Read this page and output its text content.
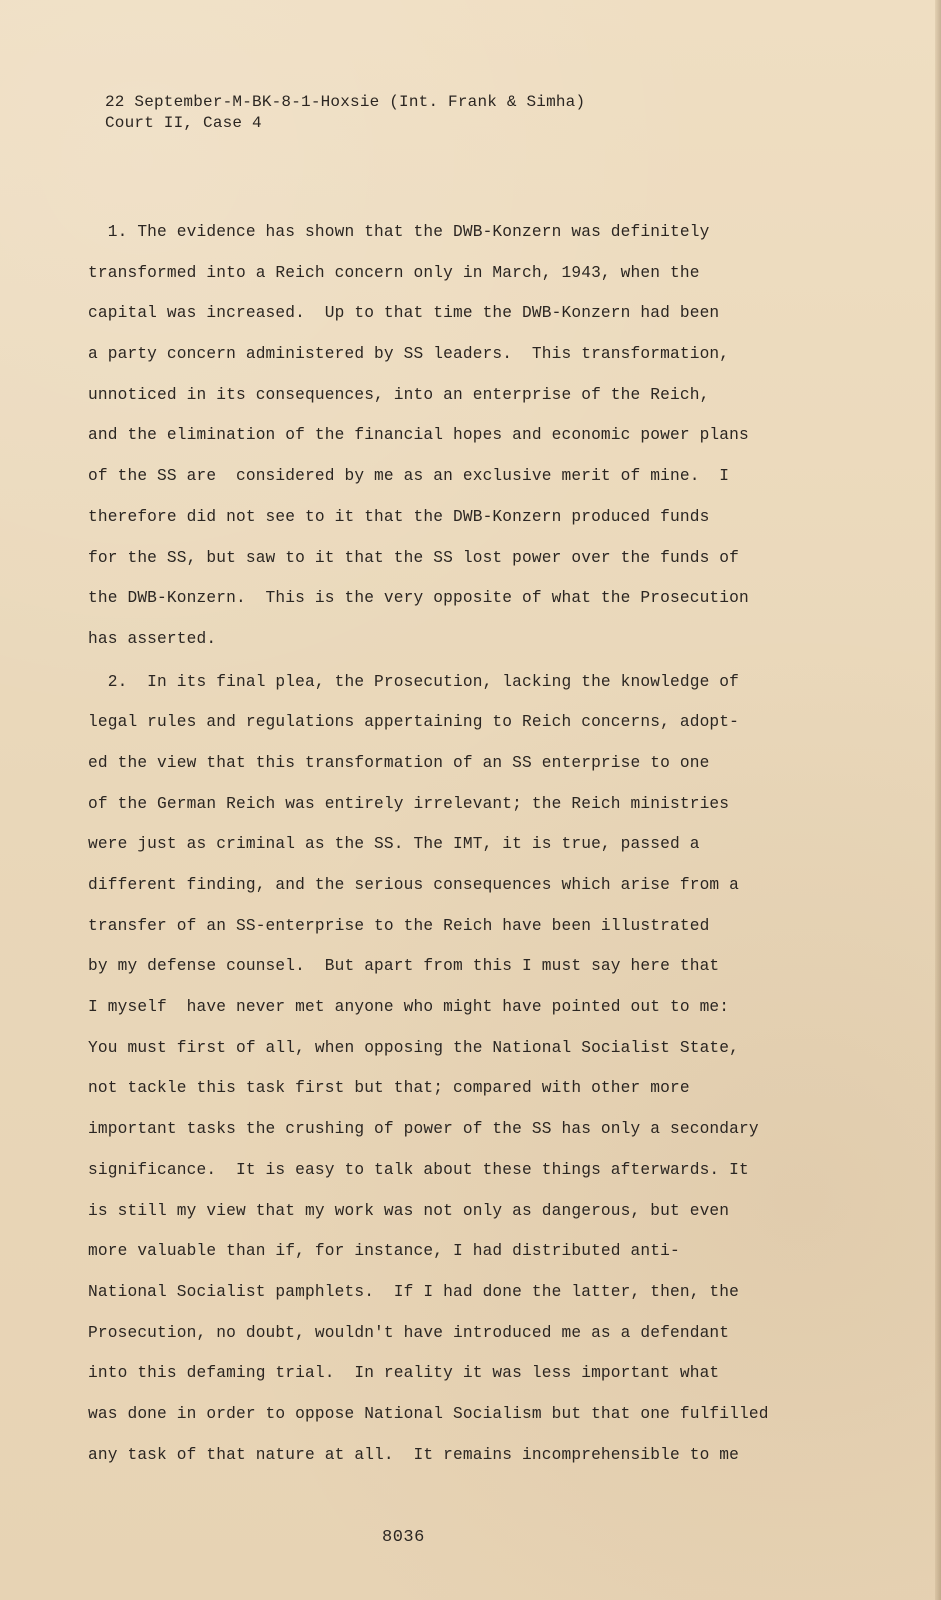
22 September-M-BK-8-1-Hoxsie (Int. Frank & Simha)
Court II, Case 4
1. The evidence has shown that the DWB-Konzern was definitely
transformed into a Reich concern only in March, 1943, when the
capital was increased.  Up to that time the DWB-Konzern had been
a party concern administered by SS leaders.  This transformation,
unnoticed in its consequences, into an enterprise of the Reich,
and the elimination of the financial hopes and economic power plans
of the SS are  considered by me as an exclusive merit of mine.  I
therefore did not see to it that the DWB-Konzern produced funds
for the SS, but saw to it that the SS lost power over the funds of
the DWB-Konzern.  This is the very opposite of what the Prosecution
has asserted.
2.  In its final plea, the Prosecution, lacking the knowledge of
legal rules and regulations appertaining to Reich concerns, adopt-
ed the view that this transformation of an SS enterprise to one
of the German Reich was entirely irrelevant; the Reich ministries
were just as criminal as the SS. The IMT, it is true, passed a
different finding, and the serious consequences which arise from a
transfer of an SS-enterprise to the Reich have been illustrated
by my defense counsel.  But apart from this I must say here that
I myself  have never met anyone who might have pointed out to me:
You must first of all, when opposing the National Socialist State,
not tackle this task first but that; compared with other more
important tasks the crushing of power of the SS has only a secondary
significance.  It is easy to talk about these things afterwards. It
is still my view that my work was not only as dangerous, but even
more valuable than if, for instance, I had distributed anti-
National Socialist pamphlets.  If I had done the latter, then, the
Prosecution, no doubt, wouldn't have introduced me as a defendant
into this defaming trial.  In reality it was less important what
was done in order to oppose National Socialism but that one fulfilled
any task of that nature at all.  It remains incomprehensible to me
8036
